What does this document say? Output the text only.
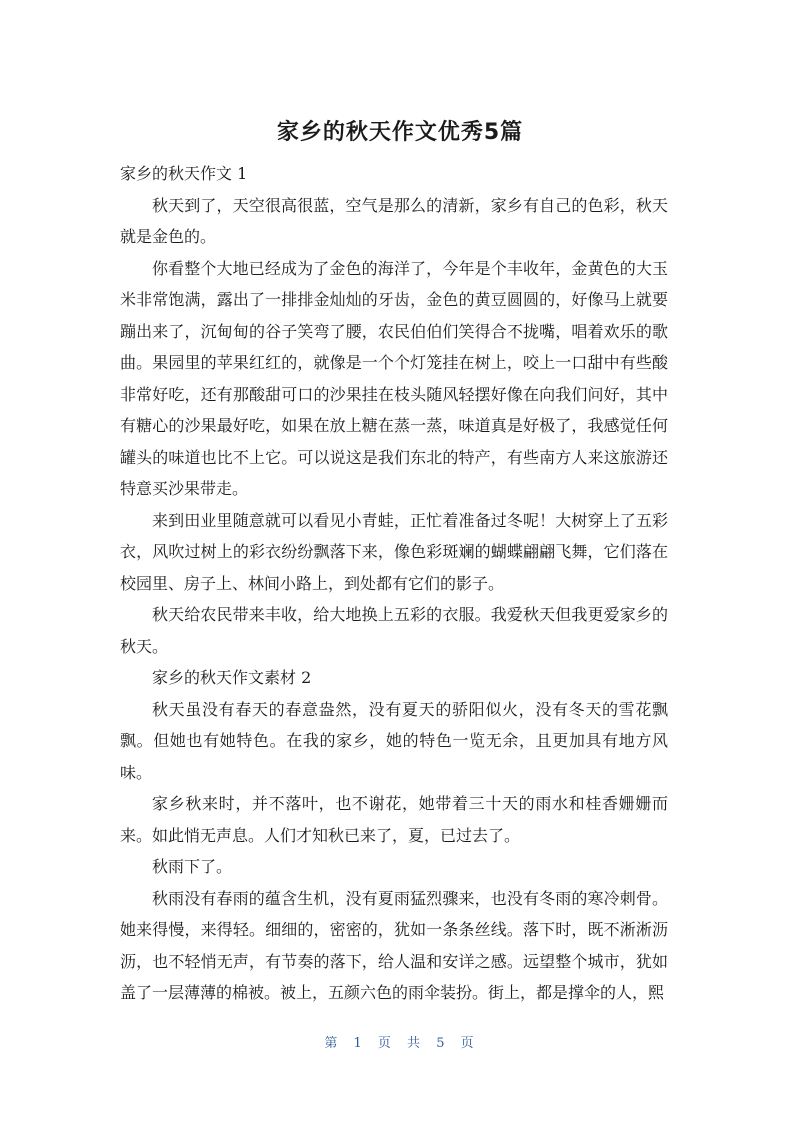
家乡的秋天作文优秀5篇

家乡的秋天作文 1

秋天到了，天空很高很蓝，空气是那么的清新，家乡有自己的色彩，秋天就是金色的。

你看整个大地已经成为了金色的海洋了，今年是个丰收年，金黄色的大玉米非常饱满，露出了一排排金灿灿的牙齿，金色的黄豆圆圆的，好像马上就要蹦出来了，沉甸甸的谷子笑弯了腰，农民伯伯们笑得合不拢嘴，唱着欢乐的歌曲。果园里的苹果红红的，就像是一个个灯笼挂在树上，咬上一口甜中有些酸非常好吃，还有那酸甜可口的沙果挂在枝头随风轻摆好像在向我们问好，其中有糖心的沙果最好吃，如果在放上糖在蒸一蒸，味道真是好极了，我感觉任何罐头的味道也比不上它。可以说这是我们东北的特产，有些南方人来这旅游还特意买沙果带走。

来到田业里随意就可以看见小青蛙，正忙着准备过冬呢！大树穿上了五彩衣，风吹过树上的彩衣纷纷飘落下来，像色彩斑斓的蝴蝶翩翩飞舞，它们落在校园里、房子上、林间小路上，到处都有它们的影子。

秋天给农民带来丰收，给大地换上五彩的衣服。我爱秋天但我更爱家乡的秋天。

家乡的秋天作文素材 2

秋天虽没有春天的春意盎然，没有夏天的骄阳似火，没有冬天的雪花飘飘。但她也有她特色。在我的家乡，她的特色一览无余，且更加具有地方风味。

家乡秋来时，并不落叶，也不谢花，她带着三十天的雨水和桂香姗姗而来。如此悄无声息。人们才知秋已来了，夏，已过去了。

秋雨下了。

秋雨没有春雨的蕴含生机，没有夏雨猛烈骤来，也没有冬雨的寒冷刺骨。她来得慢，来得轻。细细的，密密的，犹如一条条丝线。落下时，既不淅淅沥沥，也不轻悄无声，有节奏的落下，给人温和安详之感。远望整个城市，犹如盖了一层薄薄的棉被。被上，五颜六色的雨伞装扮。街上，都是撑伞的人，熙

第 1 页 共 5 页
